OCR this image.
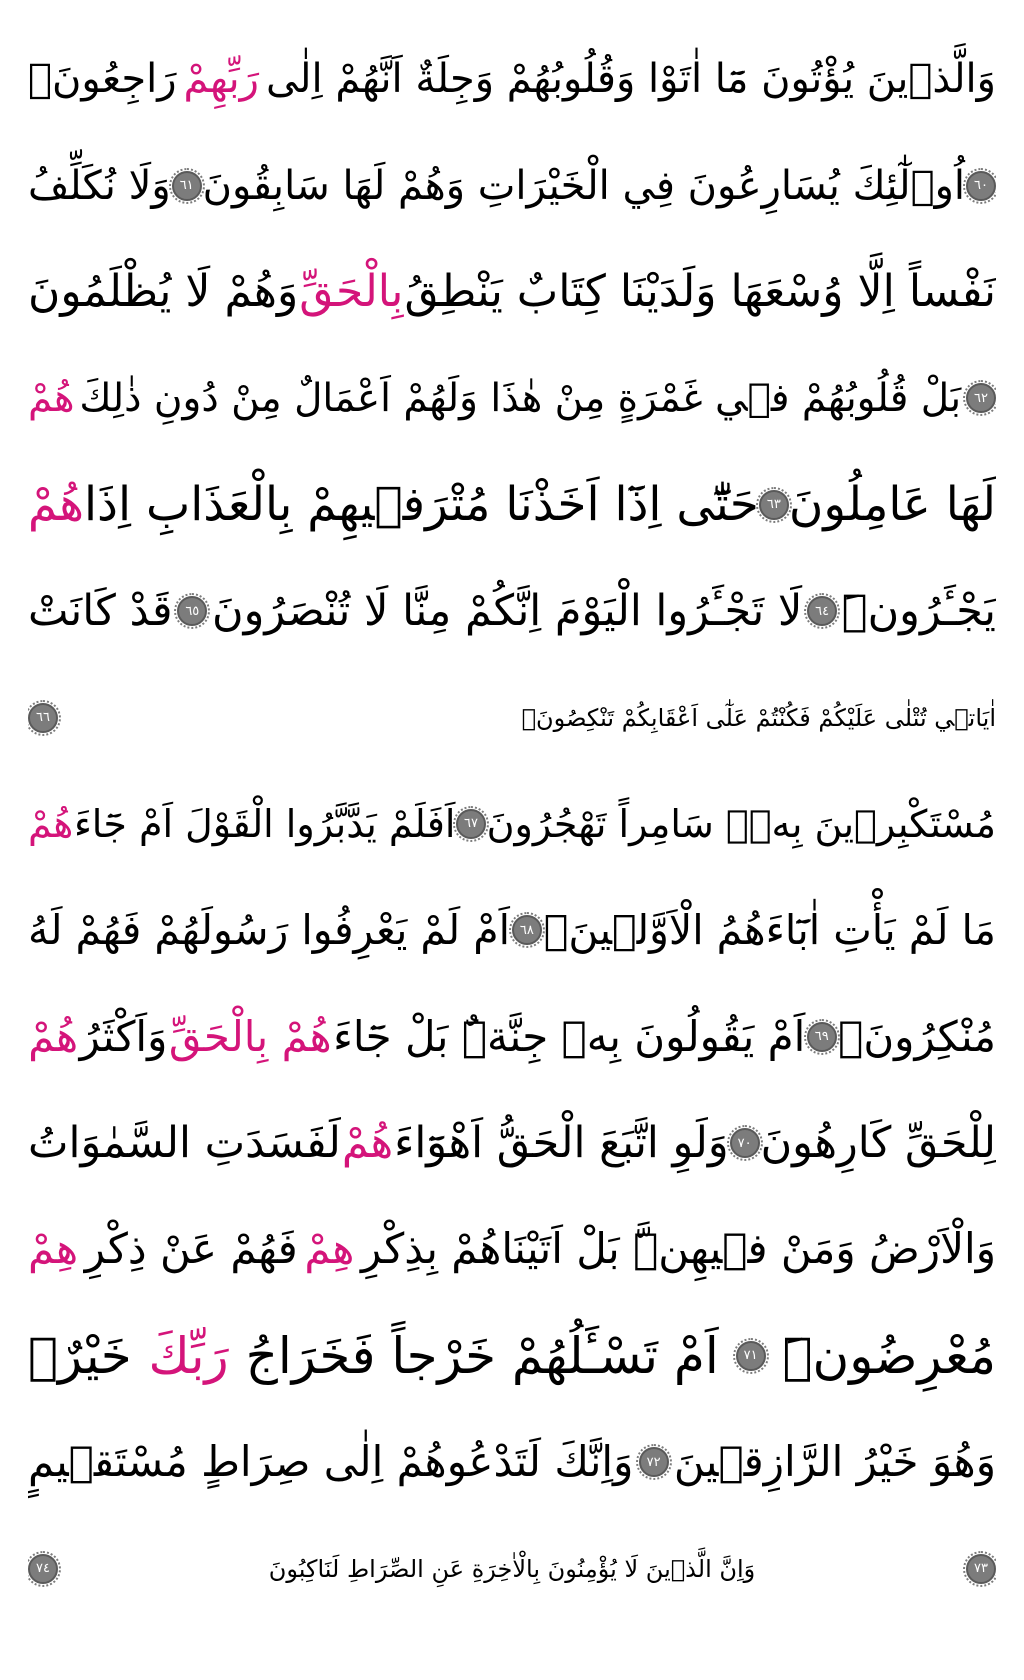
وَالَّذ۪ينَ يُؤْتُونَ مَٓا اٰتَوْا وَقُلُوبُهُمْ وَجِلَةٌ اَنَّهُمْ اِلٰى
رَبِّهِمْ
رَاجِعُونَۙ
٦٠
اُو۬لٰٓئِكَ يُسَارِعُونَ فِي الْخَيْرَاتِ وَهُمْ لَهَا سَابِقُونَ
٦١
وَلَا نُكَلِّفُ
نَفْساً اِلَّا وُسْعَهَا وَلَدَيْنَا كِتَابٌ يَنْطِقُ
بِالْحَقِّ
وَهُمْ لَا يُظْلَمُونَ
٦٢
بَلْ قُلُوبُهُمْ ف۪ي غَمْرَةٍ مِنْ هٰذَا وَلَهُمْ اَعْمَالٌ مِنْ دُونِ ذٰلِكَ
هُمْ
لَهَا عَامِلُونَ
٦٣
حَتّٰٓى اِذَٓا اَخَذْنَا مُتْرَف۪يهِمْ بِالْعَذَابِ اِذَا
هُمْ
يَجْـَٔرُونَۜ
٦٤
لَا تَجْـَٔرُوا الْيَوْمَ اِنَّكُمْ مِنَّا لَا تُنْصَرُونَ
٦٥
قَدْ كَانَتْ
اٰيَات۪ي تُتْلٰى عَلَيْكُمْ فَكُنْتُمْ عَلٰٓى اَعْقَابِكُمْ تَنْكِصُونَۙ
٦٦
مُسْتَكْبِر۪ينَ بِه۪ۗ سَامِراً تَهْجُرُونَ
٦٧
اَفَلَمْ يَدَّبَّرُوا الْقَوْلَ اَمْ جَٓاءَ
هُمْ
مَا لَمْ يَأْتِ اٰبَٓاءَهُمُ الْاَوَّل۪ينَۘ
٦٨
اَمْ لَمْ يَعْرِفُوا رَسُولَهُمْ فَهُمْ لَهُ
مُنْكِرُونَۘ
٦٩
اَمْ يَقُولُونَ بِه۪ جِنَّةٌۜ بَلْ جَٓاءَ
هُمْ بِالْحَقِّ
وَاَكْثَرُ
هُمْ
لِلْحَقِّ كَارِهُونَ
٧٠
وَلَوِ اتَّبَعَ الْحَقُّ اَهْوَٓاءَ
هُمْ
لَفَسَدَتِ السَّمٰوَاتُ
وَالْاَرْضُ وَمَنْ ف۪يهِنَّۜ بَلْ اَتَيْنَاهُمْ بِذِكْرِ
هِمْ
فَهُمْ عَنْ ذِكْرِ
هِمْ
مُعْرِضُونَۜ
٧١
اَمْ تَسْـَٔلُهُمْ خَرْجاً فَخَرَاجُ
رَبِّكَ
خَيْرٌۗ
وَهُوَ خَيْرُ الرَّازِق۪ينَ
٧٢
وَاِنَّكَ لَتَدْعُوهُمْ اِلٰى صِرَاطٍ مُسْتَق۪يمٍ
٧٣
وَاِنَّ الَّذ۪ينَ لَا يُؤْمِنُونَ بِالْاٰخِرَةِ عَنِ الصِّرَاطِ لَنَاكِبُونَ
٧٤
